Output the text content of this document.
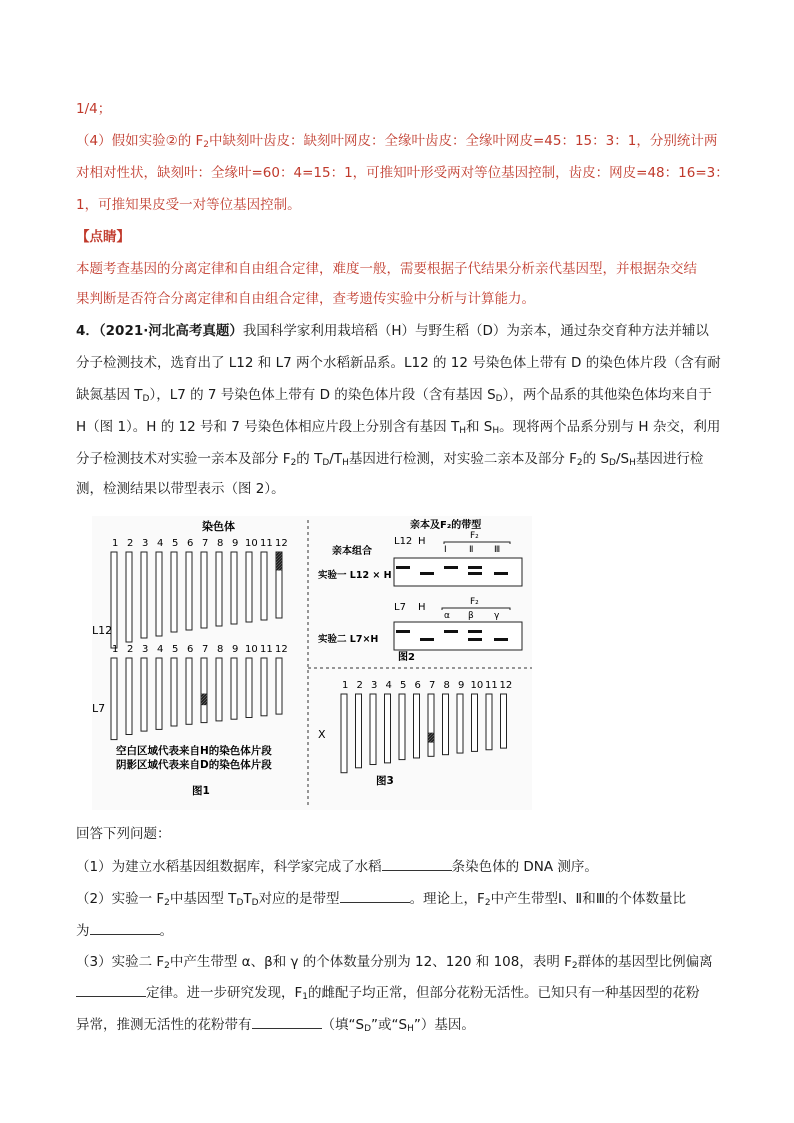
1/4；
（4）假如实验②的 $F_2$中缺刻叶齿皮：缺刻叶网皮：全缘叶齿皮：全缘叶网皮=45：15：3：1，分别统计两
对相对性状，缺刻叶：全缘叶=60：4=15：1，可推知叶形受两对等位基因控制，齿皮：网皮=48：16=3：
1，可推知果皮受一对等位基因控制。
【点睛】
本题考查基因的分离定律和自由组合定律，难度一般，需要根据子代结果分析亲代基因型，并根据杂交结
果判断是否符合分离定律和自由组合定律，查考遗传实验中分析与计算能力。
4．（2021·河北高考真题）我国科学家利用栽培稻（H）与野生稻（D）为亲本，通过杂交育种方法并辅以
分子检测技术，选育出了 L12 和 L7 两个水稻新品系。L12 的 12 号染色体上带有 D 的染色体片段（含有耐
缺氮基因 $T_D$），L7 的 7 号染色体上带有 D 的染色体片段（含有基因 $S_D$），两个品系的其他染色体均来自于
H（图 1）。H 的 12 号和 7 号染色体相应片段上分别含有基因 $T_H$和 $S_H$。现将两个品系分别与 H 杂交，利用
分子检测技术对实验一亲本及部分 $F_2$的 $T_D/T_H$基因进行检测，对实验二亲本及部分 $F_2$的 $S_D/S_H$基因进行检
测，检测结果以带型表示（图 2）。
染色体
1 2 3 4 5 6 7 8 9 10 11 12
L12
1 2 3 4 5 6 7 8 9 10 11 12
L7
空白区域代表来自H的染色体片段
阴影区域代表来自D的染色体片段
图1
亲本及F₂的带型
亲本组合
L12 H	F₂
Ⅰ Ⅱ Ⅲ
实验一 L12 × H
L7 H	F₂
α β γ
实验二 L7×H
图2
1 2 3 4 5 6 7 8 9 10 11 12
X
图3
回答下列问题：
（1）为建立水稻基因组数据库，科学家完成了水稻	条染色体的 DNA 测序。
（2）实验一 $F_2$中基因型 $T_DT_D$对应的是带型	。理论上，$F_2$中产生带型Ⅰ、Ⅱ和Ⅲ的个体数量比
为	。
（3）实验二 $F_2$中产生带型 α、β和 γ 的个体数量分别为 12、120 和 108，表明 $F_2$群体的基因型比例偏离
定律。进一步研究发现，$F_1$的雌配子均正常，但部分花粉无活性。已知只有一种基因型的花粉
异常，推测无活性的花粉带有	（填“$S_D$”或“$S_H$”）基因。
